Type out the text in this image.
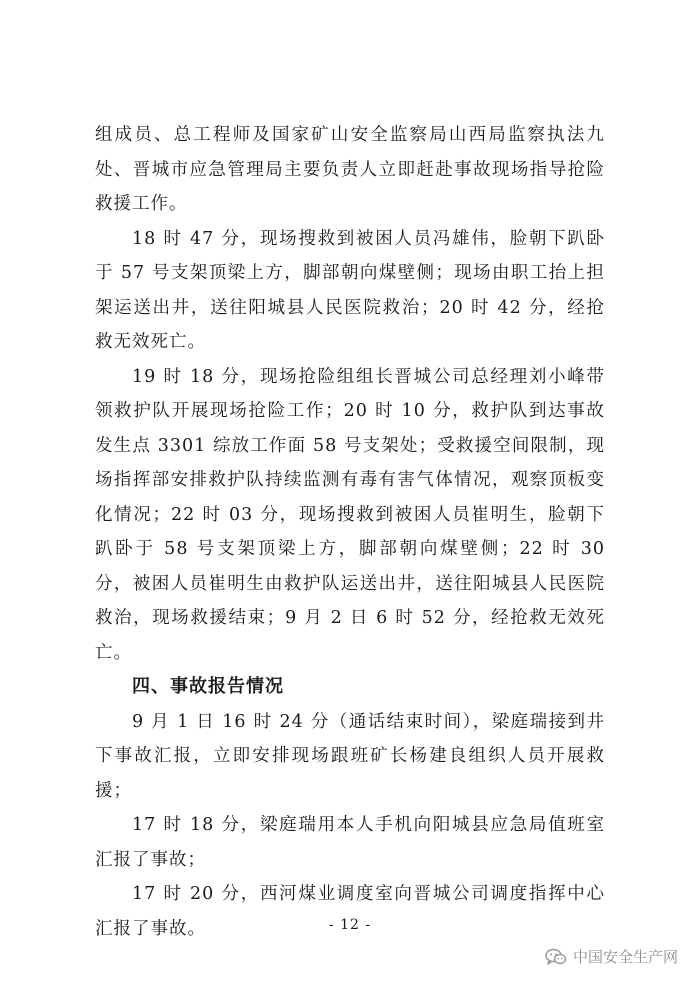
组成员、总工程师及国家矿山安全监察局山西局监察执法九处、晋城市应急管理局主要负责人立即赶赴事故现场指导抢险救援工作。

18 时 47 分，现场搜救到被困人员冯雄伟，脸朝下趴卧于 57 号支架顶梁上方，脚部朝向煤壁侧；现场由职工抬上担架运送出井，送往阳城县人民医院救治；20 时 42 分，经抢救无效死亡。

19 时 18 分，现场抢险组组长晋城公司总经理刘小峰带领救护队开展现场抢险工作；20 时 10 分，救护队到达事故发生点 3301 综放工作面 58 号支架处；受救援空间限制，现场指挥部安排救护队持续监测有毒有害气体情况，观察顶板变化情况；22 时 03 分，现场搜救到被困人员崔明生，脸朝下趴卧于 58 号支架顶梁上方，脚部朝向煤壁侧；22 时 30 分，被困人员崔明生由救护队运送出井，送往阳城县人民医院救治，现场救援结束；9 月 2 日 6 时 52 分，经抢救无效死亡。

四、事故报告情况

9 月 1 日 16 时 24 分（通话结束时间），梁庭瑞接到井下事故汇报，立即安排现场跟班矿长杨建良组织人员开展救援；

17 时 18 分，梁庭瑞用本人手机向阳城县应急局值班室汇报了事故；

17 时 20 分，西河煤业调度室向晋城公司调度指挥中心汇报了事故。	- 12 -
中国安全生产网
